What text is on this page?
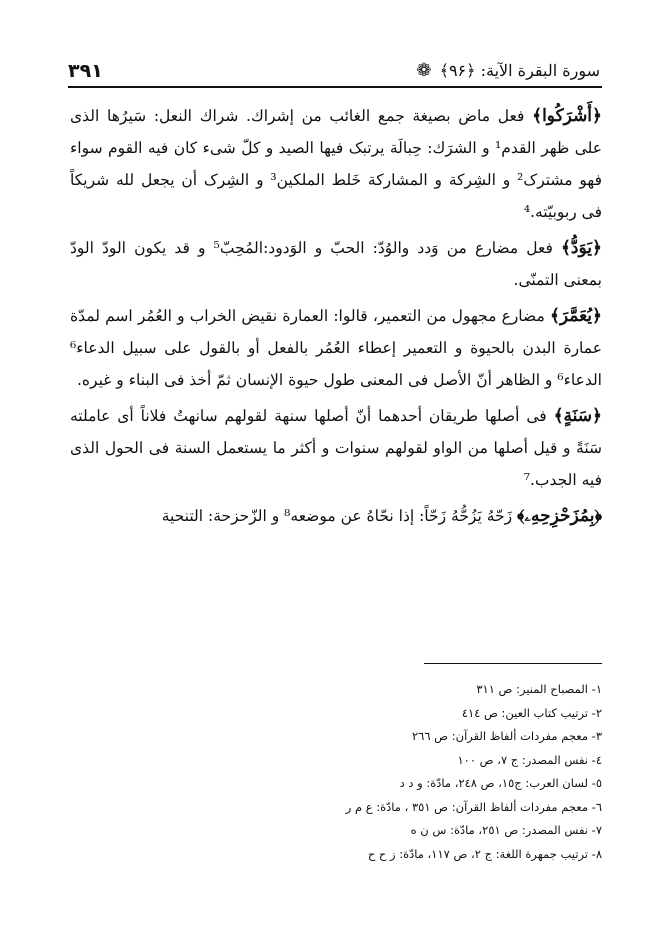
۳۹۱	سورة البقرة الآية: ﴿۹۶﴾ ❁

﴿أَشْرَكُوا﴾ فعل ماض بصيغة جمع الغائب من إشراك. شراك النعل: سَيرُها الذى على ظهر القدم¹ و الشرَك: حِبالَة يرتبک فيها الصيد و كلّ شىء كان فيه القوم سواء فهو مشترک² و الشِرکة و المشاركة خَلط الملكين³ و الشِرک أن يجعل لله شريكاً فى ربوبيّته.⁴

﴿يَوَدُّ﴾ فعل مضارع من وَدد والوُدّ: الحبّ و الوَدود:المُحِبّ⁵ و قد يكون الودّ الودّ بمعنى التمنّى.

﴿يُعَمَّرَ﴾ مضارع مجهول من التعمير، قالوا: العمارة نقيض الخراب و العُمُر اسم لمدّة عمارة البدن بالحيوة و التعمير إعطاء العُمُر بالفعل أو بالقول على سبيل الدعاء⁶ الدعاء⁶ و الظاهر أنّ الأصل فى المعنى طول حيوة الإنسان ثمّ أخذ فى البناء و غيره.

﴿سَنَةٍ﴾ فى أصلها طريقان أحدهما أنّ أصلها سنهة لقولهم سانهتُ فلاناً أى عاملته سَنَةً و قيل أصلها من الواو لقولهم سنوات و أكثر ما يستعمل السنة فى الحول الذى فيه الجدب.⁷

﴿بِمُزَحْزِحِهِۦ﴾ زَحّهُ يَزُحُّهُ زَحّاً: إذا نحّاهُ عن موضعه⁸ و الزّحزحة: التنحية

١- المصباح المنير: ص ٣١١
٢- ترتيب كتاب العين: ص ٤١٤
٣- معجم مفردات ألفاظ القرآن: ص ٢٦٦
٤- نفس المصدر: ج ٧، ص ١٠٠
٥- لسان العرب: ج١٥، ص ٢٤٨، مادّة: و د د
٦- معجم مفردات ألفاظ القرآن: ص ٣٥١ ، مادّة: ع م ر
٧- نفس المصدر: ص ٢٥١، مادّة: س ن ه
٨- ترتيب جمهرة اللغة: ج ٢، ص ١١٧، مادّة: ز ح ح
